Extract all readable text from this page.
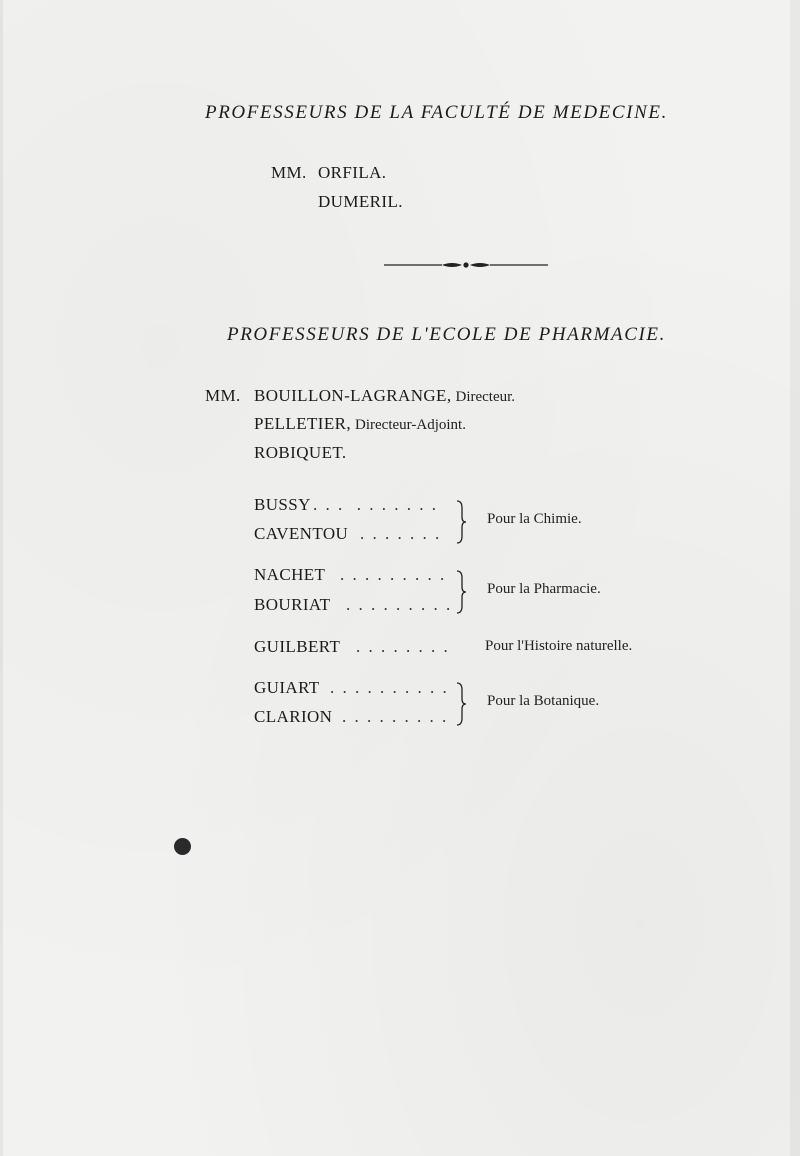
PROFESSEURS DE LA FACULTÉ DE MEDECINE.
MM. ORFILA.
DUMERIL.
PROFESSEURS DE L'ECOLE DE PHARMACIE.
MM. BOUILLON-LAGRANGE, Directeur.
PELLETIER, Directeur-Adjoint.
ROBIQUET.
BUSSY . . .  . . . . . . .
CAVENTOU . . . . . . .
Pour la Chimie.
NACHET . . . . . . . . .
BOURIAT . . . . . . . . .
Pour la Pharmacie.
GUILBERT . . . . . . . . Pour l'Histoire naturelle.
GUIART . . . . . . . . . .
CLARION . . . . . . . . .
Pour la Botanique.
